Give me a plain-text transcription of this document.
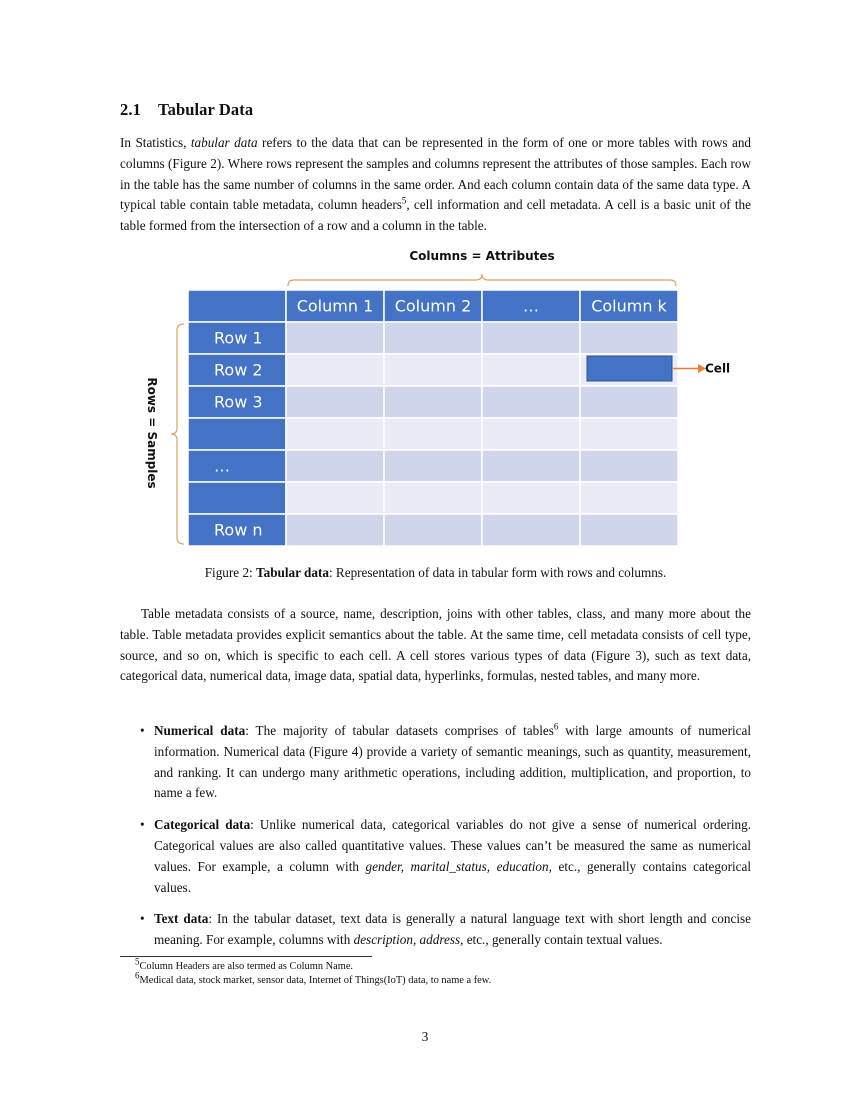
2.1 Tabular Data

In Statistics, tabular data refers to the data that can be represented in the form of one or more tables with rows and columns (Figure 2). Where rows represent the samples and columns represent the attributes of those samples. Each row in the table has the same number of columns in the same order. And each column contain data of the same data type. A typical table contain table metadata, column headers$^5$, cell information and cell metadata. A cell is a basic unit of the table formed from the intersection of a row and a column in the table.

Columns = Attributes
Rows = Samples
Column 1 Column 2	…	Column k
Row 1
Row 2
Row 3
…
Row n
Cell

Figure 2: Tabular data: Representation of data in tabular form with rows and columns.

Table metadata consists of a source, name, description, joins with other tables, class, and many more about the table. Table metadata provides explicit semantics about the table. At the same time, cell metadata consists of cell type, source, and so on, which is specific to each cell. A cell stores various types of data (Figure 3), such as text data, categorical data, numerical data, image data, spatial data, hyperlinks, formulas, nested tables, and many more.

• Numerical data: The majority of tabular datasets comprises of tables$^6$ with large amounts of numerical information. Numerical data (Figure 4) provide a variety of semantic meanings, such as quantity, measurement, and ranking. It can undergo many arithmetic operations, including addition, multiplication, and proportion, to name a few.
• Categorical data: Unlike numerical data, categorical variables do not give a sense of numerical ordering. Categorical values are also called quantitative values. These values can’t be measured the same as numerical values. For example, a column with gender, marital_status, education, etc., generally contains categorical values.
• Text data: In the tabular dataset, text data is generally a natural language text with short length and concise meaning. For example, columns with description, address, etc., generally contain textual values.
$^5$Column Headers are also termed as Column Name.
$^6$Medical data, stock market, sensor data, Internet of Things(IoT) data, to name a few.
3
